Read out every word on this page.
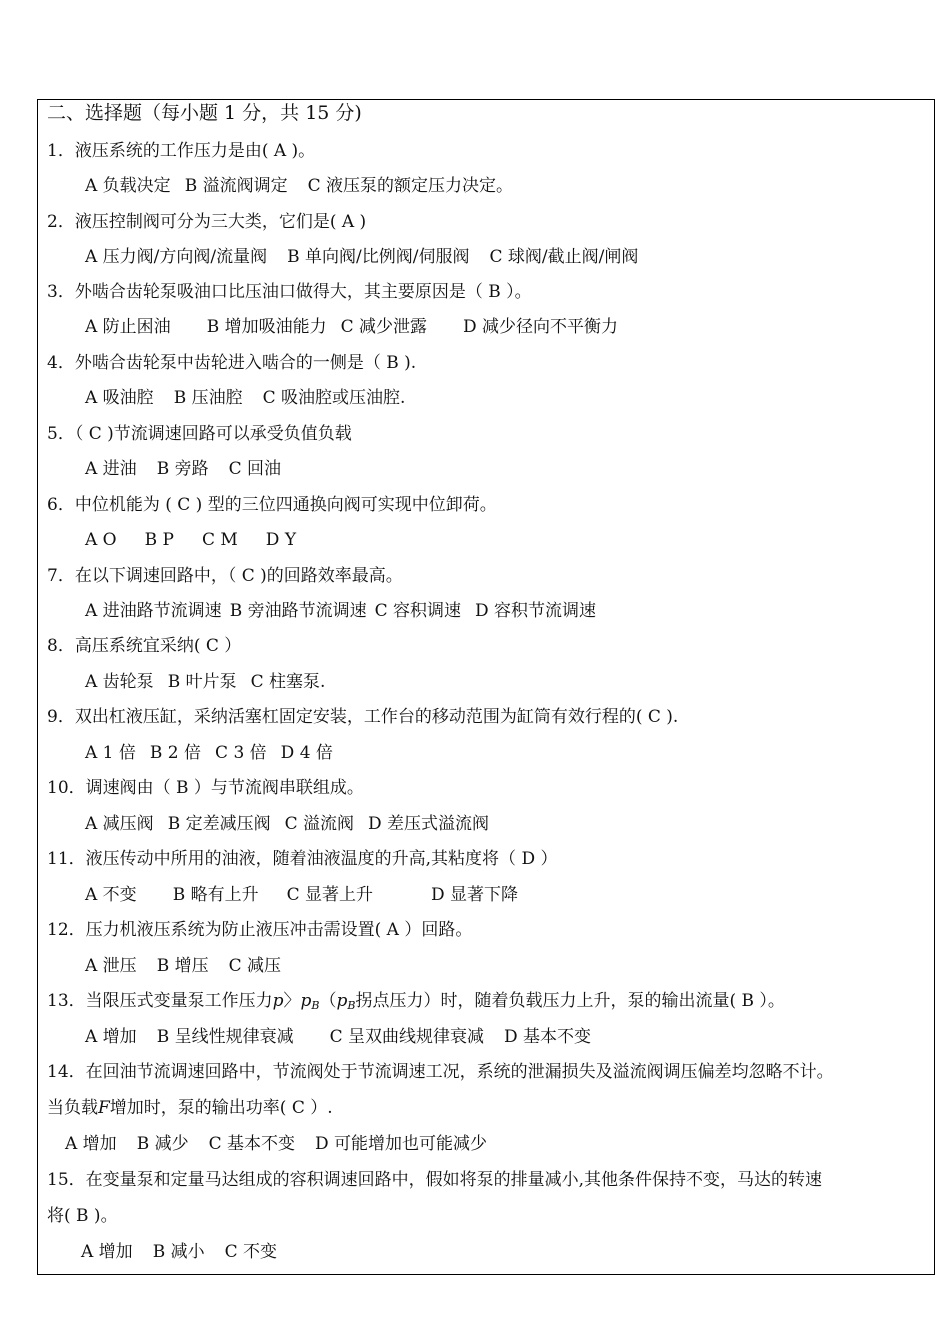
二、选择题（每小题 1 分，共 15 分)
1．液压系统的工作压力是由( A )。
A 负载决定 B 溢流阀调定 C 液压泵的额定压力决定。
2．液压控制阀可分为三大类，它们是( A )
A 压力阀/方向阀/流量阀 B 单向阀/比例阀/伺服阀 C 球阀/截止阀/闸阀
3．外啮合齿轮泵吸油口比压油口做得大，其主要原因是（ B ）。
A 防止困油 B 增加吸油能力 C 减少泄露 D 减少径向不平衡力
4．外啮合齿轮泵中齿轮进入啮合的一侧是（ B ).
A 吸油腔 B 压油腔 C 吸油腔或压油腔.
5．（ C )节流调速回路可以承受负值负载
A 进油 B 旁路 C 回油
6．中位机能为 ( C ) 型的三位四通换向阀可实现中位卸荷。
A O B P C M D Y
7．在以下调速回路中，（ C )的回路效率最高。
A 进油路节流调速 B 旁油路节流调速 C 容积调速 D 容积节流调速
8．高压系统宜采纳( C ）
A 齿轮泵 B 叶片泵 C 柱塞泵.
9．双出杠液压缸，采纳活塞杠固定安装，工作台的移动范围为缸筒有效行程的( C ).
A 1 倍 B 2 倍 C 3 倍 D 4 倍
10．调速阀由（ B ）与节流阀串联组成。
A 减压阀 B 定差减压阀 C 溢流阀 D 差压式溢流阀
11．液压传动中所用的油液，随着油液温度的升高,其粘度将（ D ）
A 不变 B 略有上升 C 显著上升	D 显著下降
12．压力机液压系统为防止液压冲击需设置( A ）回路。
A 泄压 B 增压 C 减压
13．当限压式变量泵工作压力p〉$p_B(p_B$拐点压力）时，随着负载压力上升，泵的输出流量( B ）。
A 增加 B 呈线性规律衰减 C 呈双曲线规律衰减 D 基本不变
14．在回油节流调速回路中，节流阀处于节流调速工况，系统的泄漏损失及溢流阀调压偏差均忽略不计。
当负载F增加时，泵的输出功率( C ）.
A 增加 B 减少 C 基本不变 D 可能增加也可能减少
15．在变量泵和定量马达组成的容积调速回路中，假如将泵的排量减小,其他条件保持不变，马达的转速
将( B )。
A 增加 B 减小 C 不变
